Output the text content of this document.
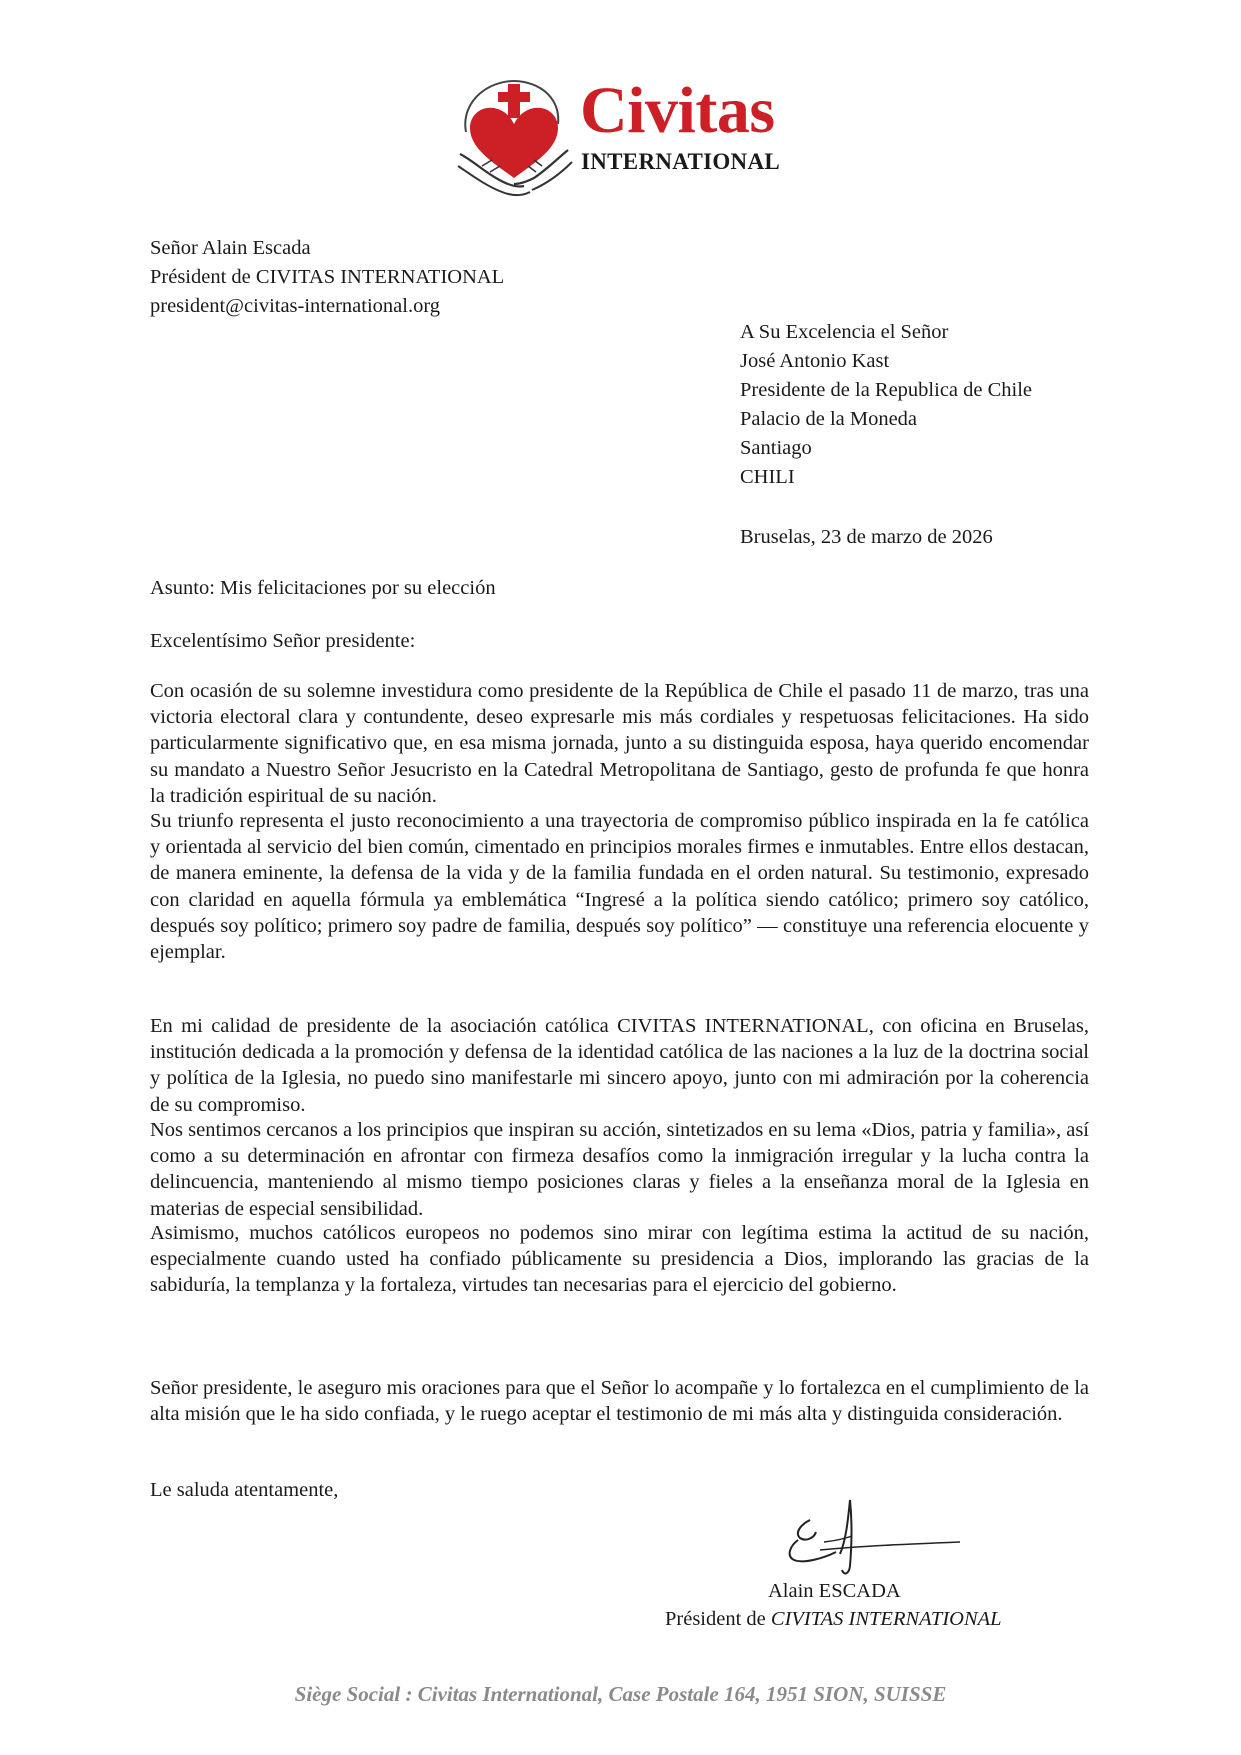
Civitas
INTERNATIONAL
Señor Alain Escada
Président de CIVITAS INTERNATIONAL
president@civitas-international.org
A Su Excelencia el Señor
José Antonio Kast
Presidente de la Republica de Chile
Palacio de la Moneda
Santiago
CHILI
Bruselas, 23 de marzo de 2026
Asunto: Mis felicitaciones por su elección
Excelentísimo Señor presidente:

Con ocasión de su solemne investidura como presidente de la República de Chile el pasado 11 de marzo, tras una victoria electoral clara y contundente, deseo expresarle mis más cordiales y respetuosas felicitaciones. Ha sido particularmente significativo que, en esa misma jornada, junto a su distinguida esposa, haya querido encomendar su mandato a Nuestro Señor Jesucristo en la Catedral Metropolitana de Santiago, gesto de profunda fe que honra la tradición espiritual de su nación.

Su triunfo representa el justo reconocimiento a una trayectoria de compromiso público inspirada en la fe católica y orientada al servicio del bien común, cimentado en principios morales firmes e inmutables. Entre ellos destacan, de manera eminente, la defensa de la vida y de la familia fundada en el orden natural. Su testimonio, expresado con claridad en aquella fórmula ya emblemática “Ingresé a la política siendo católico; primero soy católico, después soy político; primero soy padre de familia, después soy político” — constituye una referencia elocuente y ejemplar.

En mi calidad de presidente de la asociación católica CIVITAS INTERNATIONAL, con oficina en Bruselas, institución dedicada a la promoción y defensa de la identidad católica de las naciones a la luz de la doctrina social y política de la Iglesia, no puedo sino manifestarle mi sincero apoyo, junto con mi admiración por la coherencia de su compromiso.

Nos sentimos cercanos a los principios que inspiran su acción, sintetizados en su lema «Dios, patria y familia», así como a su determinación en afrontar con firmeza desafíos como la inmigración irregular y la lucha contra la delincuencia, manteniendo al mismo tiempo posiciones claras y fieles a la enseñanza moral de la Iglesia en materias de especial sensibilidad.

Asimismo, muchos católicos europeos no podemos sino mirar con legítima estima la actitud de su nación, especialmente cuando usted ha confiado públicamente su presidencia a Dios, implorando las gracias de la sabiduría, la templanza y la fortaleza, virtudes tan necesarias para el ejercicio del gobierno.

Señor presidente, le aseguro mis oraciones para que el Señor lo acompañe y lo fortalezca en el cumplimiento de la alta misión que le ha sido confiada, y le ruego aceptar el testimonio de mi más alta y distinguida consideración.

Le saluda atentamente,
Alain ESCADA
Président de CIVITAS INTERNATIONAL
Siège Social : Civitas International, Case Postale 164, 1951 SION, SUISSE
